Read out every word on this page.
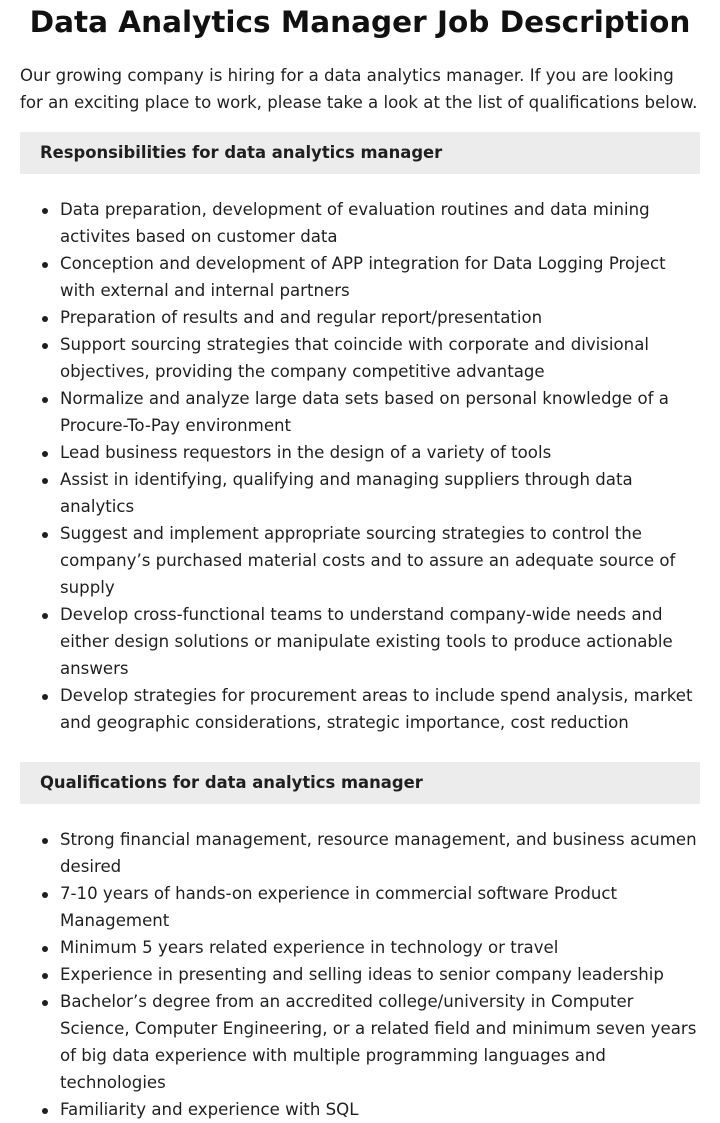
Data Analytics Manager Job Description

Our growing company is hiring for a data analytics manager. If you are looking for an exciting place to work, please take a look at the list of qualifications below.

Responsibilities for data analytics manager
Data preparation, development of evaluation routines and data mining activites based on customer data
Conception and development of APP integration for Data Logging Project with external and internal partners
Preparation of results and and regular report/presentation
Support sourcing strategies that coincide with corporate and divisional objectives, providing the company competitive advantage
Normalize and analyze large data sets based on personal knowledge of a Procure-To-Pay environment
Lead business requestors in the design of a variety of tools
Assist in identifying, qualifying and managing suppliers through data analytics
Suggest and implement appropriate sourcing strategies to control the company’s purchased material costs and to assure an adequate source of supply
Develop cross-functional teams to understand company-wide needs and either design solutions or manipulate existing tools to produce actionable answers
Develop strategies for procurement areas to include spend analysis, market and geographic considerations, strategic importance, cost reduction
Qualifications for data analytics manager
Strong financial management, resource management, and business acumen desired
7-10 years of hands-on experience in commercial software Product Management
Minimum 5 years related experience in technology or travel
Experience in presenting and selling ideas to senior company leadership
Bachelor’s degree from an accredited college/university in Computer Science, Computer Engineering, or a related field and minimum seven years of big data experience with multiple programming languages and technologies
Familiarity and experience with SQL
